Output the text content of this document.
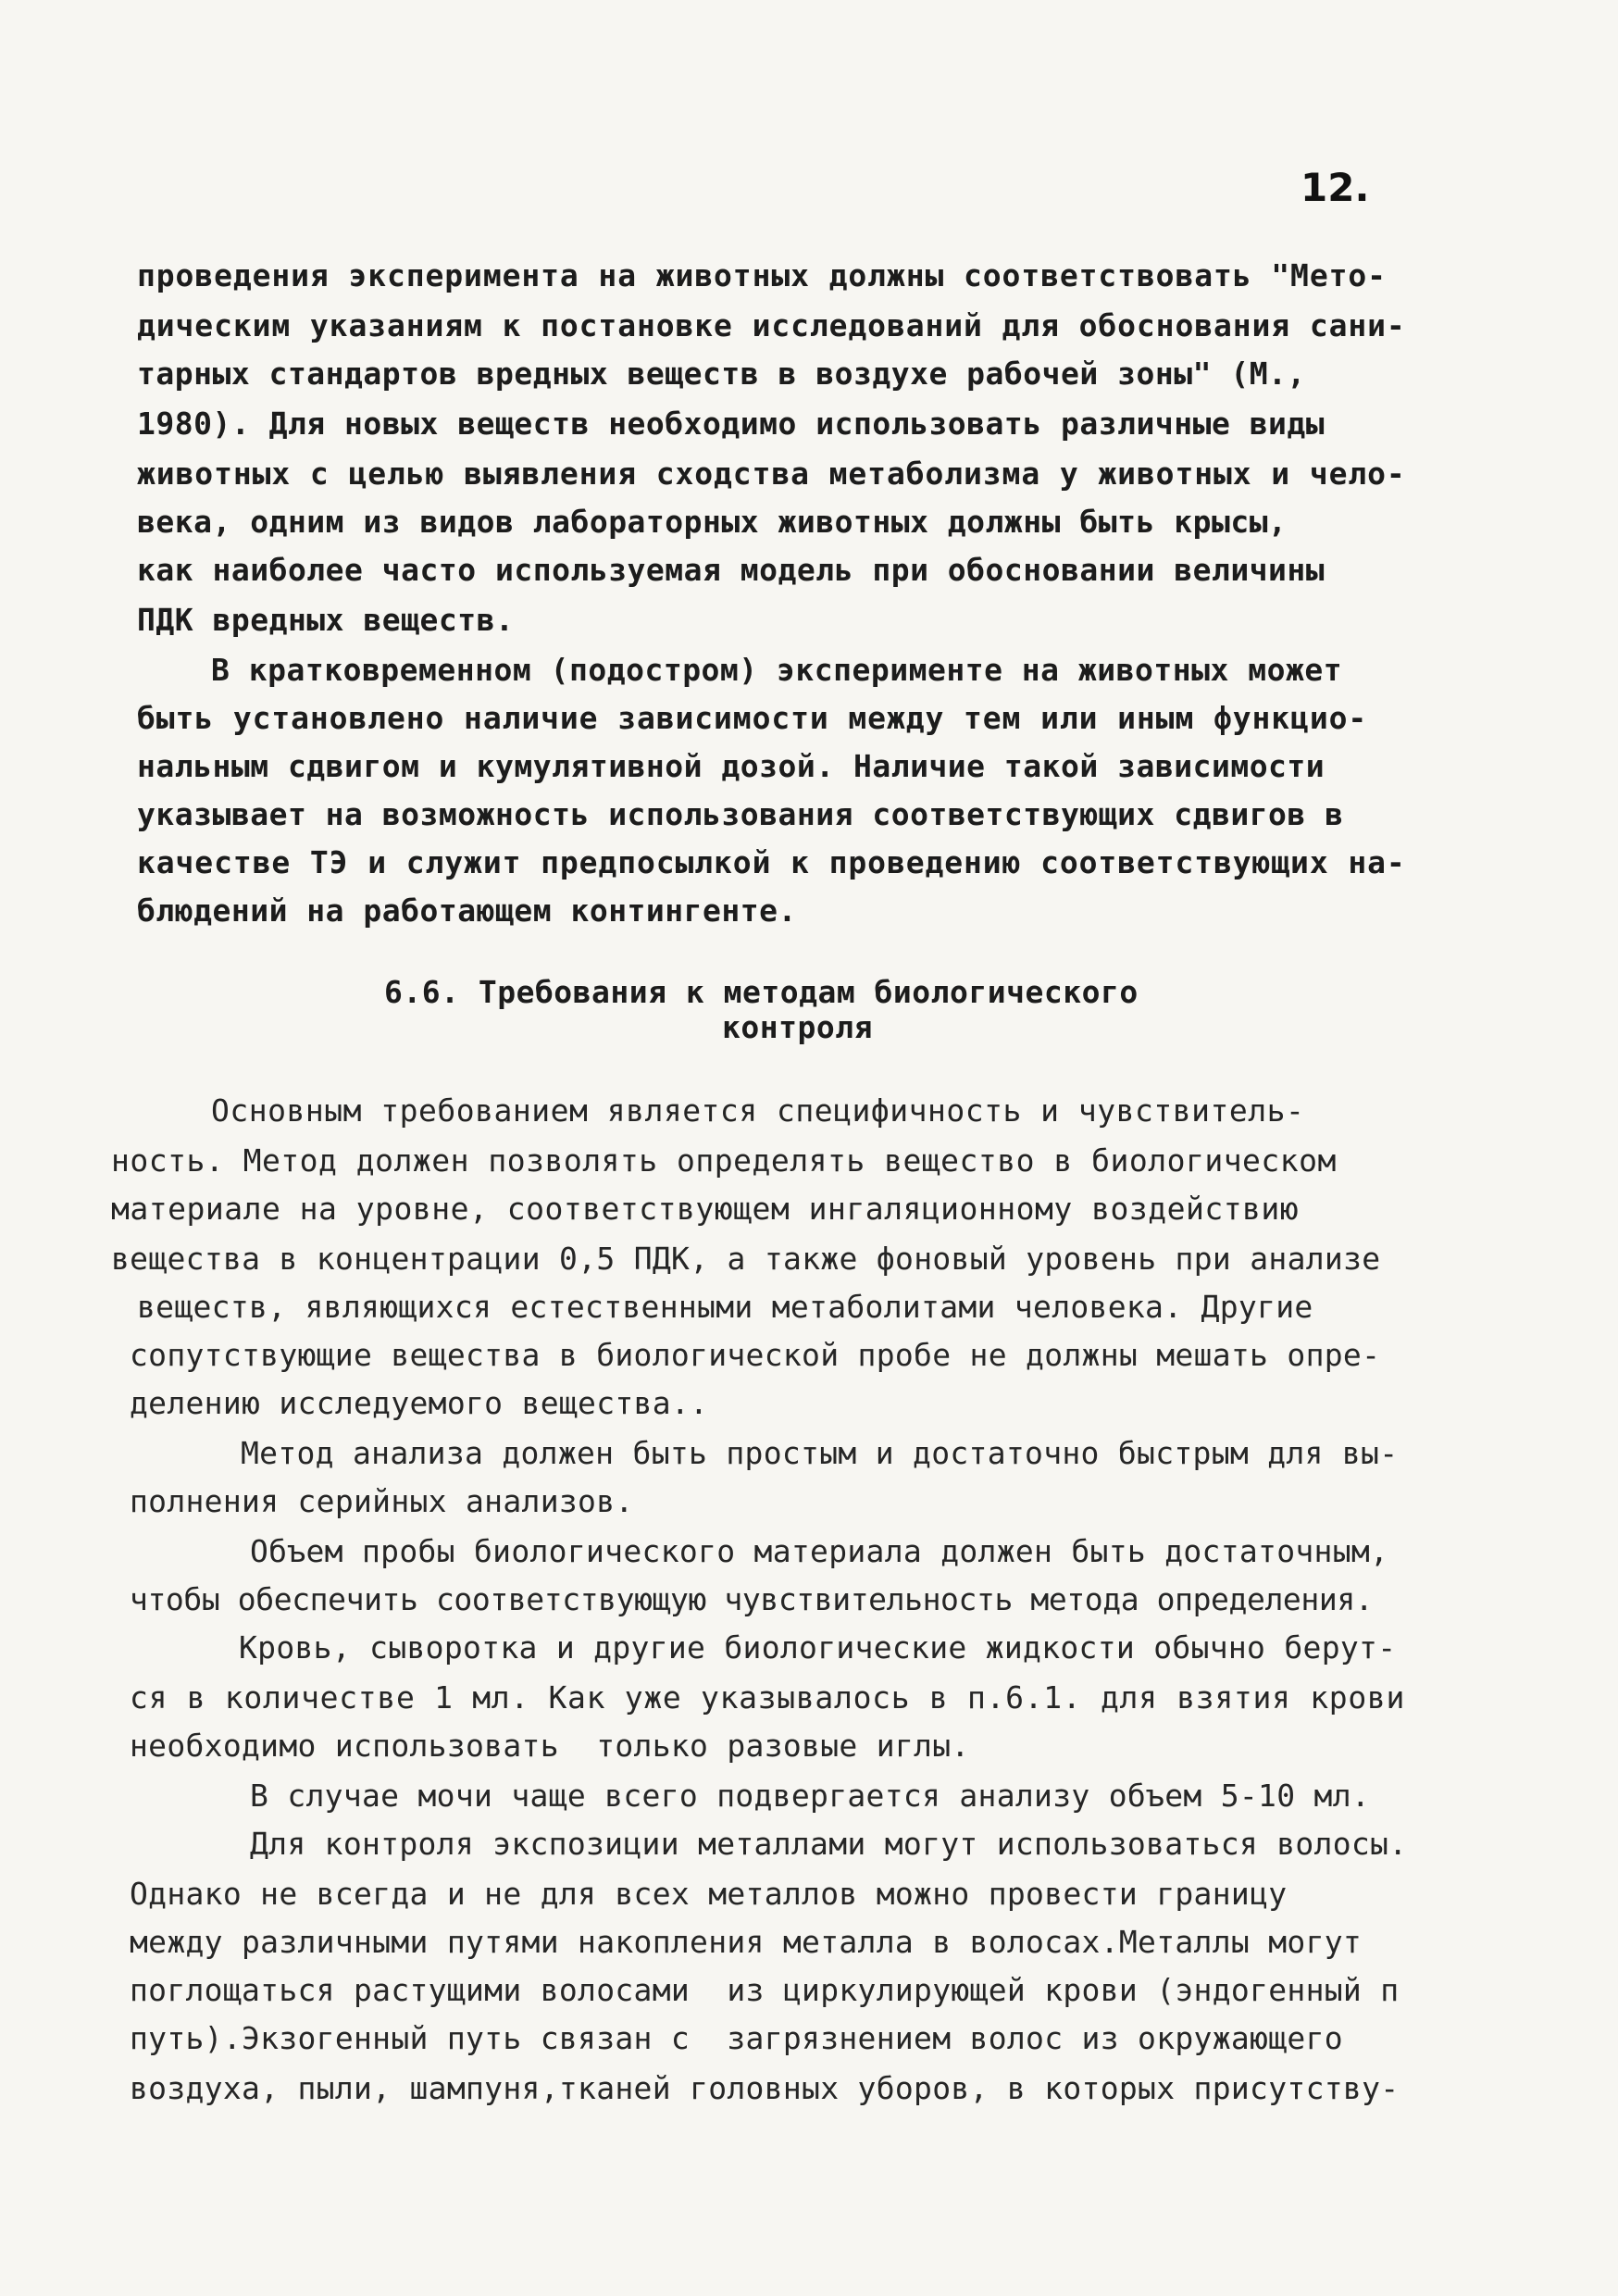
12.
проведения эксперимента на животных должны соответствовать "Мето-
дическим указаниям к постановке исследований для обоснования сани-
тарных стандартов вредных веществ в воздухе рабочей зоны" (М.,
1980). Для новых веществ необходимо использовать различные виды
животных с целью выявления сходства метаболизма у животных и чело-
века, одним из видов лабораторных животных должны быть крысы,
как наиболее часто используемая модель при обосновании величины
ПДК вредных веществ.
В кратковременном (подостром) эксперименте на животных может
быть установлено наличие зависимости между тем или иным функцио-
нальным сдвигом и кумулятивной дозой. Наличие такой зависимости
указывает на возможность использования соответствующих сдвигов в
качестве ТЭ и служит предпосылкой к проведению соответствующих на-
блюдений на работающем контингенте.
6.6. Требования к методам биологического
контроля
Основным требованием является специфичность и чувствитель-
ность. Метод должен позволять определять вещество в биологическом
материале на уровне, соответствующем ингаляционному воздействию
вещества в концентрации 0,5 ПДК, а также фоновый уровень при анализе
веществ, являющихся естественными метаболитами человека. Другие
сопутствующие вещества в биологической пробе не должны мешать опре-
делению исследуемого вещества..
Метод анализа должен быть простым и достаточно быстрым для вы-
полнения серийных анализов.
Объем пробы биологического материала должен быть достаточным,
чтобы обеспечить соответствующую чувствительность метода определения.
Кровь, сыворотка и другие биологические жидкости обычно берут-
ся в количестве 1 мл. Как уже указывалось в п.6.1. для взятия крови
необходимо использовать  только разовые иглы.
В случае мочи чаще всего подвергается анализу объем 5-10 мл.
Для контроля экспозиции металлами могут использоваться волосы.
Однако не всегда и не для всех металлов можно провести границу
между различными путями накопления металла в волосах.Металлы могут
поглощаться растущими волосами  из циркулирующей крови (эндогенный п
путь).Экзогенный путь связан с  загрязнением волос из окружающего
воздуха, пыли, шампуня,тканей головных уборов, в которых присутству-
